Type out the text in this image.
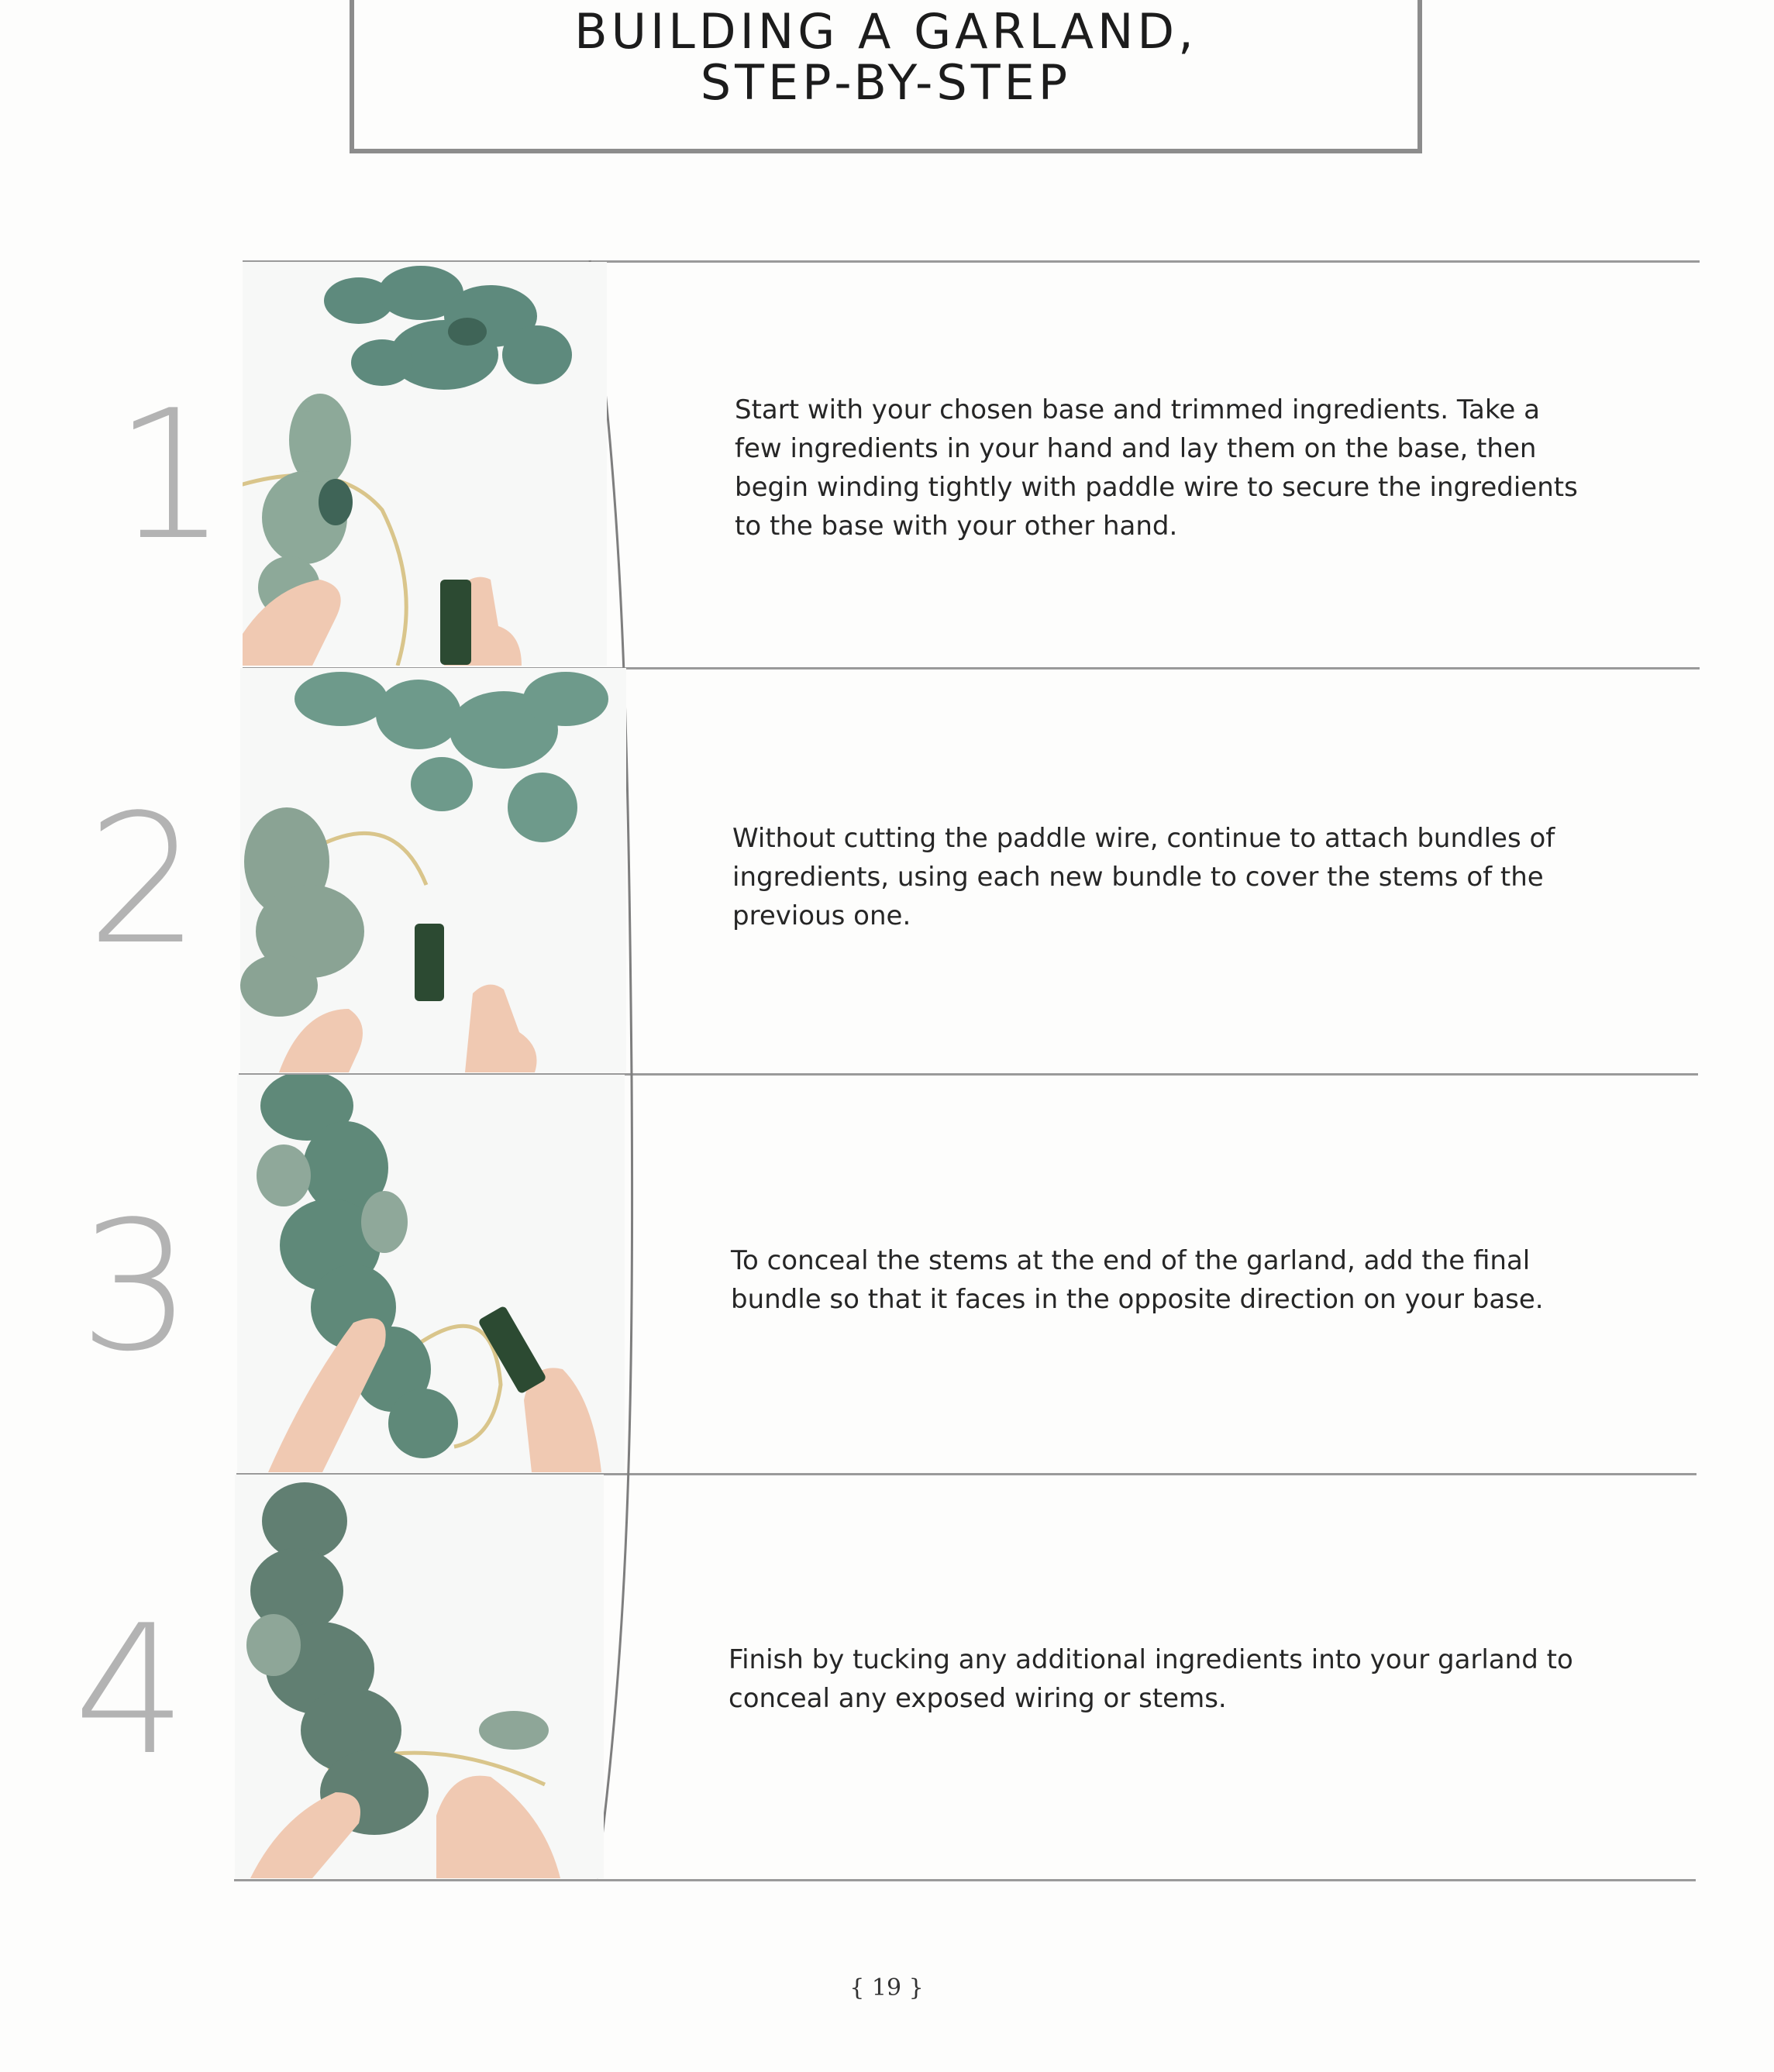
BUILDING A GARLAND,
STEP-BY-STEP
1	Start with your chosen base and trimmed ingredients. Take a few ingredients in your hand and lay them on the base, then begin winding tightly with paddle wire to secure the ingredients to the base with your other hand.
2	Without cutting the paddle wire, continue to attach bundles of ingredients, using each new bundle to cover the stems of the previous one.
3	To conceal the stems at the end of the garland, add the final bundle so that it faces in the opposite direction on your base.
4	Finish by tucking any additional ingredients into your garland to conceal any exposed wiring or stems.
{ 19 }
